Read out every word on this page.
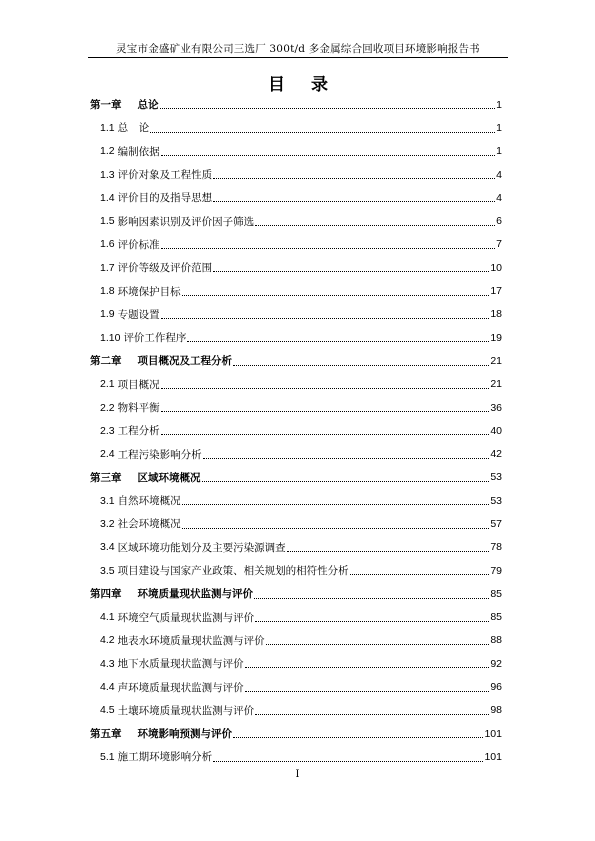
灵宝市金盛矿业有限公司三选厂 300t/d 多金属综合回收项目环境影响报告书
目录
第一章 总论	1
1.1 总　论	1
1.2 编制依据	1
1.3 评价对象及工程性质	4
1.4 评价目的及指导思想	4
1.5 影响因素识别及评价因子筛选	6
1.6 评价标准	7
1.7 评价等级及评价范围	10
1.8 环境保护目标	17
1.9 专题设置	18
1.10 评价工作程序	19
第二章 项目概况及工程分析	21
2.1 项目概况	21
2.2 物料平衡	36
2.3 工程分析	40
2.4 工程污染影响分析	42
第三章 区域环境概况	53
3.1 自然环境概况	53
3.2 社会环境概况	57
3.4 区域环境功能划分及主要污染源调查	78
3.5 项目建设与国家产业政策、相关规划的相符性分析	79
第四章 环境质量现状监测与评价	85
4.1 环境空气质量现状监测与评价	85
4.2 地表水环境质量现状监测与评价	88
4.3 地下水质量现状监测与评价	92
4.4 声环境质量现状监测与评价	96
4.5 土壤环境质量现状监测与评价	98
第五章 环境影响预测与评价	101
5.1 施工期环境影响分析	101
I
